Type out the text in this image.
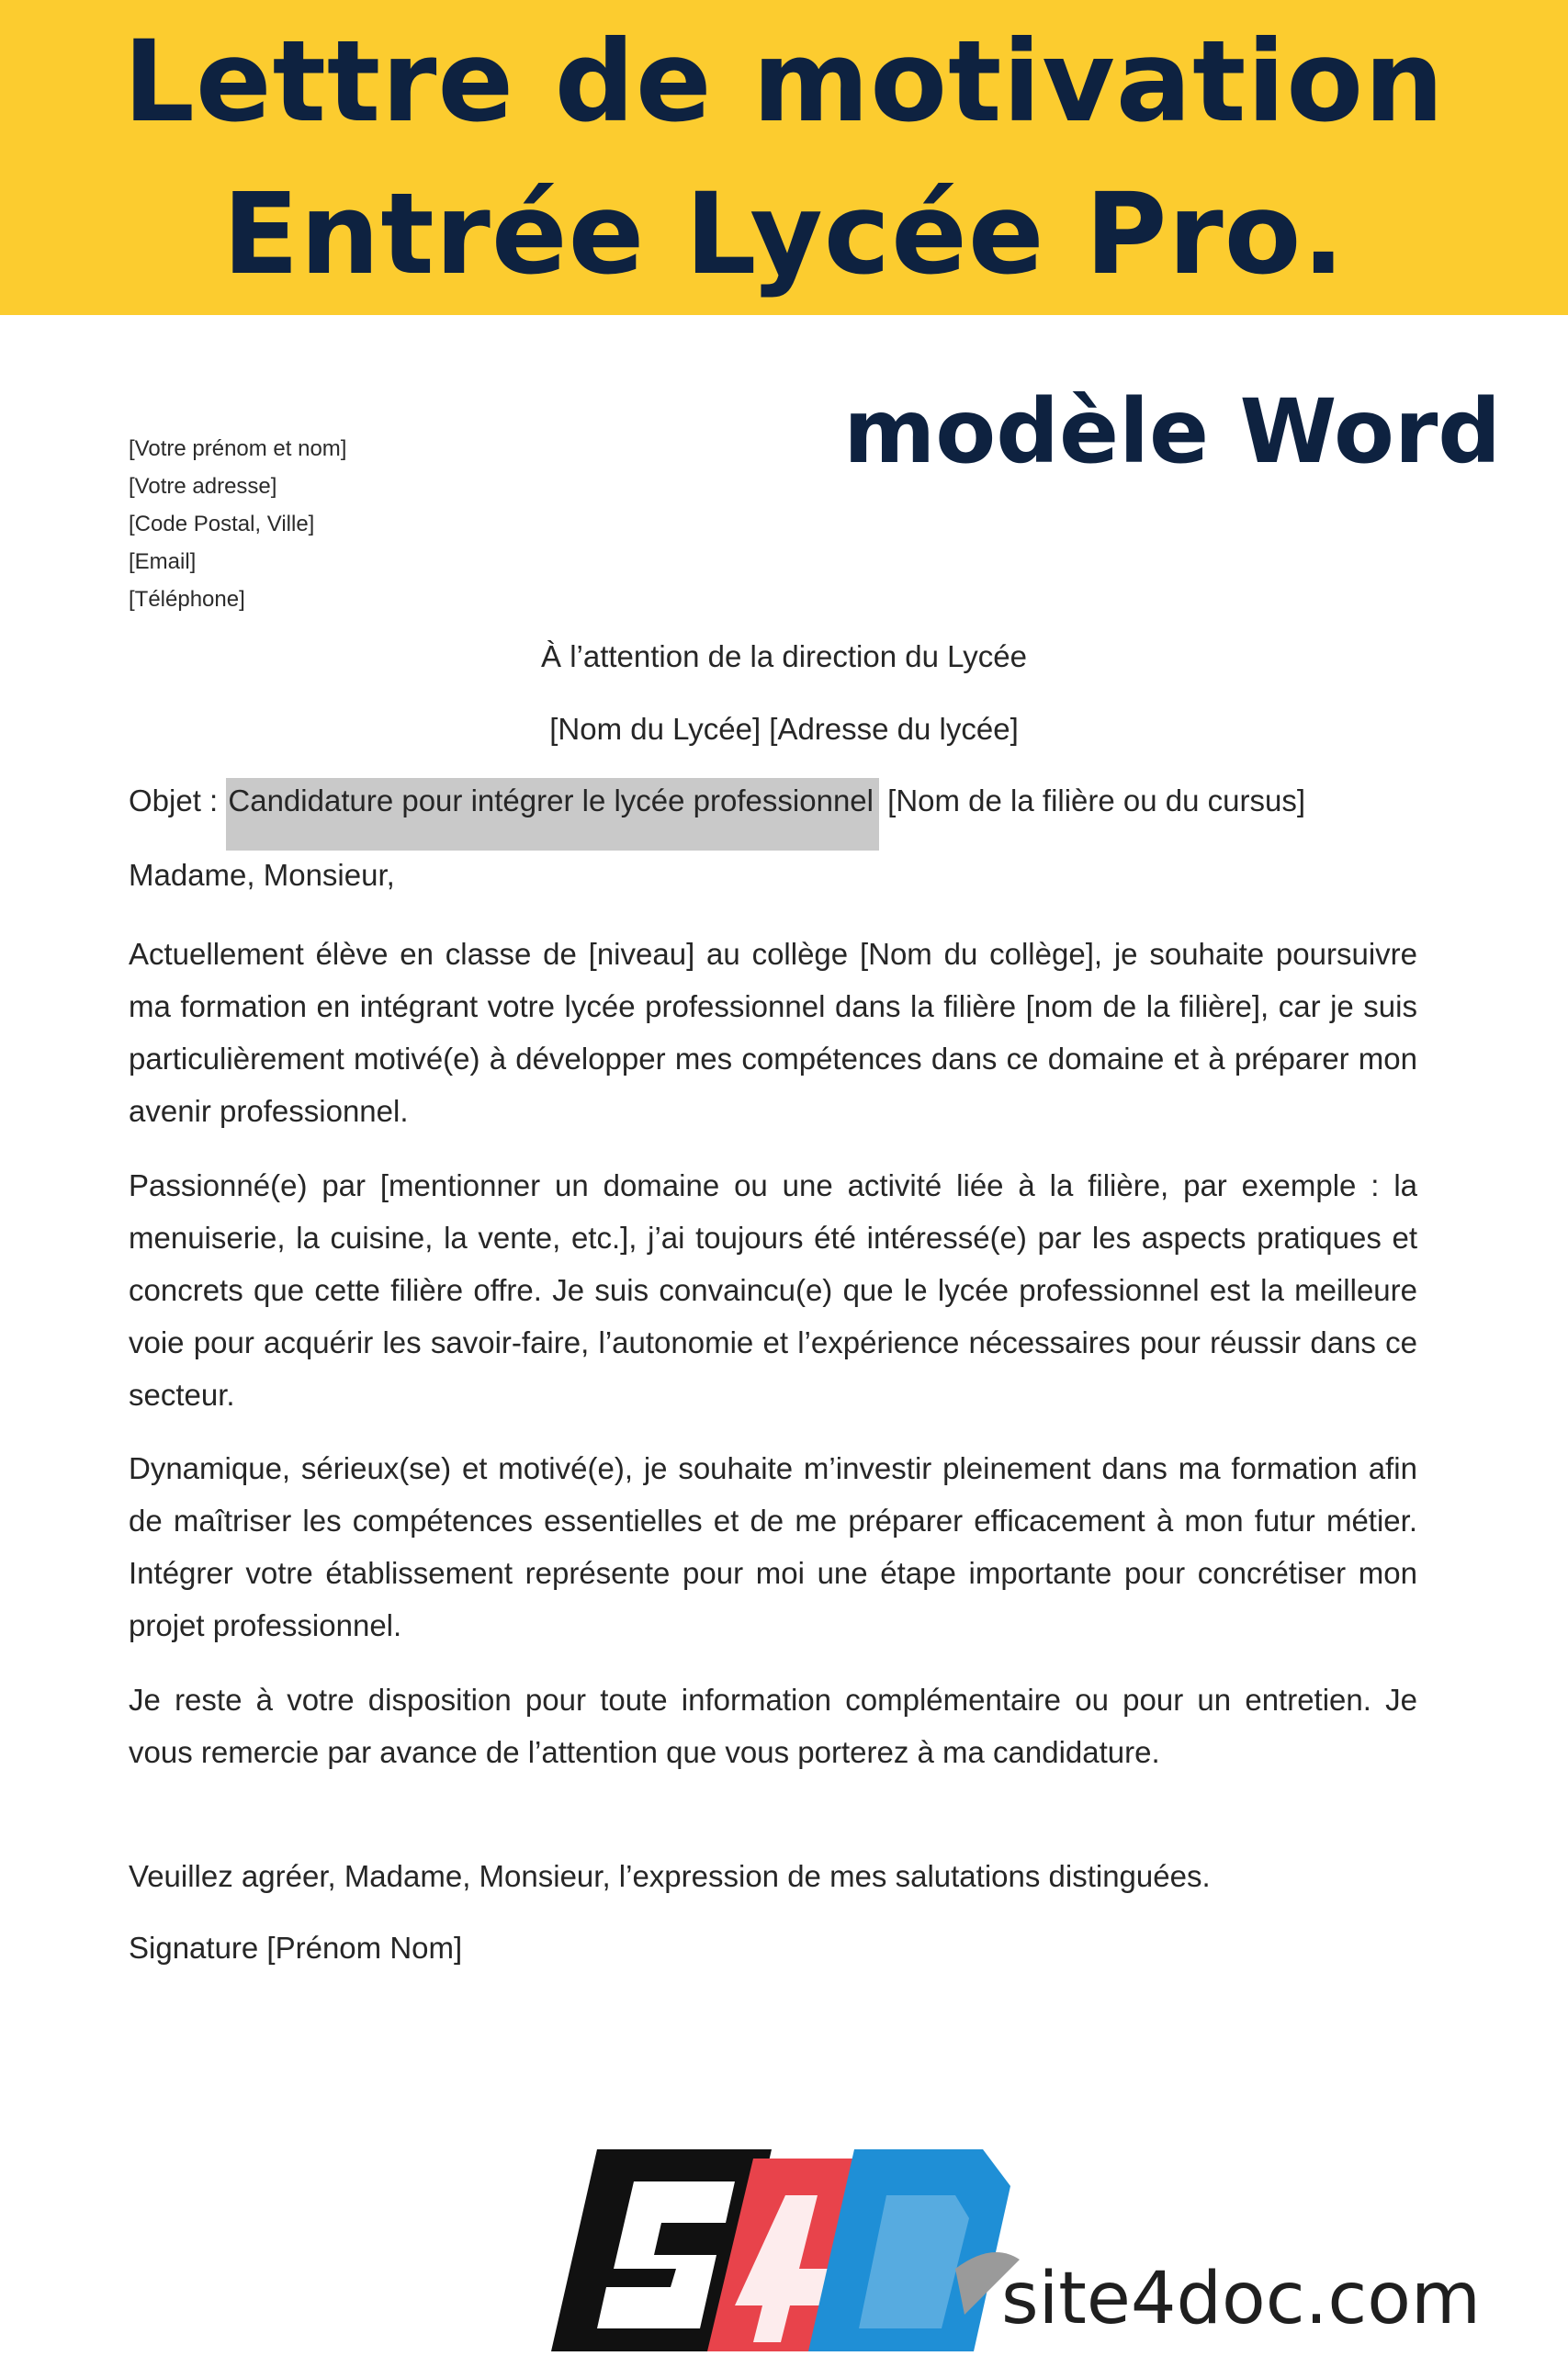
Lettre de motivation
Entrée Lycée Pro.
modèle Word
[Votre prénom et nom]
[Votre adresse]
[Code Postal, Ville]
[Email]
[Téléphone]
À l’attention de la direction du Lycée
[Nom du Lycée] [Adresse du lycée]
Objet : Candidature pour intégrer le lycée professionnel [Nom de la filière ou du cursus]
Madame, Monsieur,
Actuellement élève en classe de [niveau] au collège [Nom du collège], je souhaite poursuivre ma formation en intégrant votre lycée professionnel dans la filière [nom de la filière], car je suis particulièrement motivé(e) à développer mes compétences dans ce domaine et à préparer mon avenir professionnel.
Passionné(e) par [mentionner un domaine ou une activité liée à la filière, par exemple : la menuiserie, la cuisine, la vente, etc.], j’ai toujours été intéressé(e) par les aspects pratiques et concrets que cette filière offre. Je suis convaincu(e) que le lycée professionnel est la meilleure voie pour acquérir les savoir-faire, l’autonomie et l’expérience nécessaires pour réussir dans ce secteur.
Dynamique, sérieux(se) et motivé(e), je souhaite m’investir pleinement dans ma formation afin de maîtriser les compétences essentielles et de me préparer efficacement à mon futur métier. Intégrer votre établissement représente pour moi une étape importante pour concrétiser mon projet professionnel.
Je reste à votre disposition pour toute information complémentaire ou pour un entretien. Je vous remercie par avance de l’attention que vous porterez à ma candidature.
Veuillez agréer, Madame, Monsieur, l’expression de mes salutations distinguées.
Signature [Prénom Nom]
site4doc.com
